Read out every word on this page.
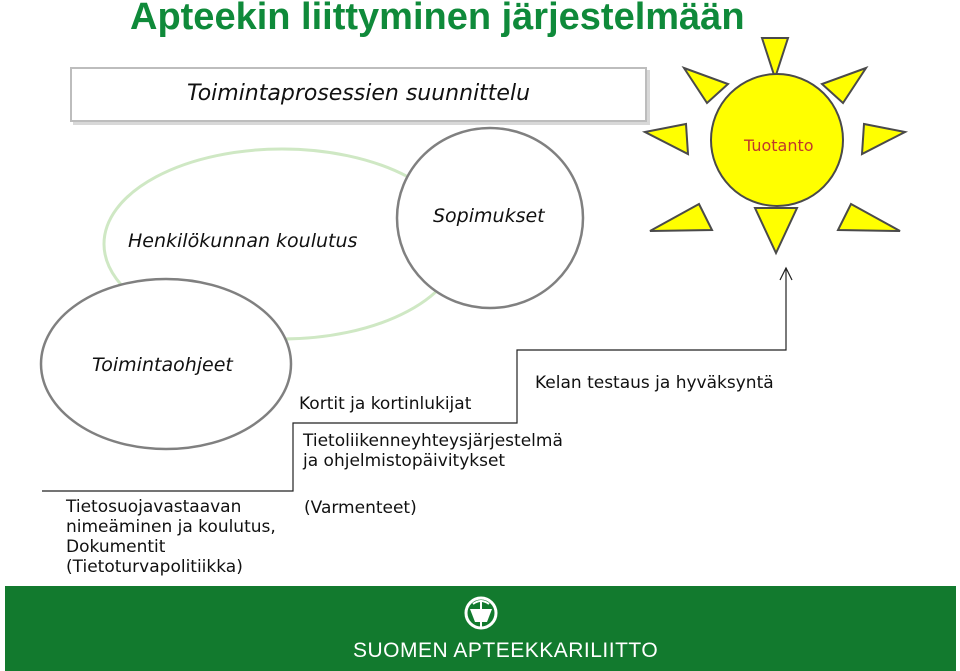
Apteekin liittyminen järjestelmään
Toimintaprosessien suunnittelu
Henkilökunnan koulutus
Sopimukset
Toimintaohjeet
Tuotanto
Tietosuojavastaavan
nimeäminen ja koulutus,
Dokumentit
(Tietoturvapolitiikka)
(Varmenteet)
Kortit ja kortinlukijat
Tietoliikenneyhteysjärjestelmä
ja ohjelmistopäivitykset
Kelan testaus ja hyväksyntä
SUOMEN APTEEKKARILIITTO
